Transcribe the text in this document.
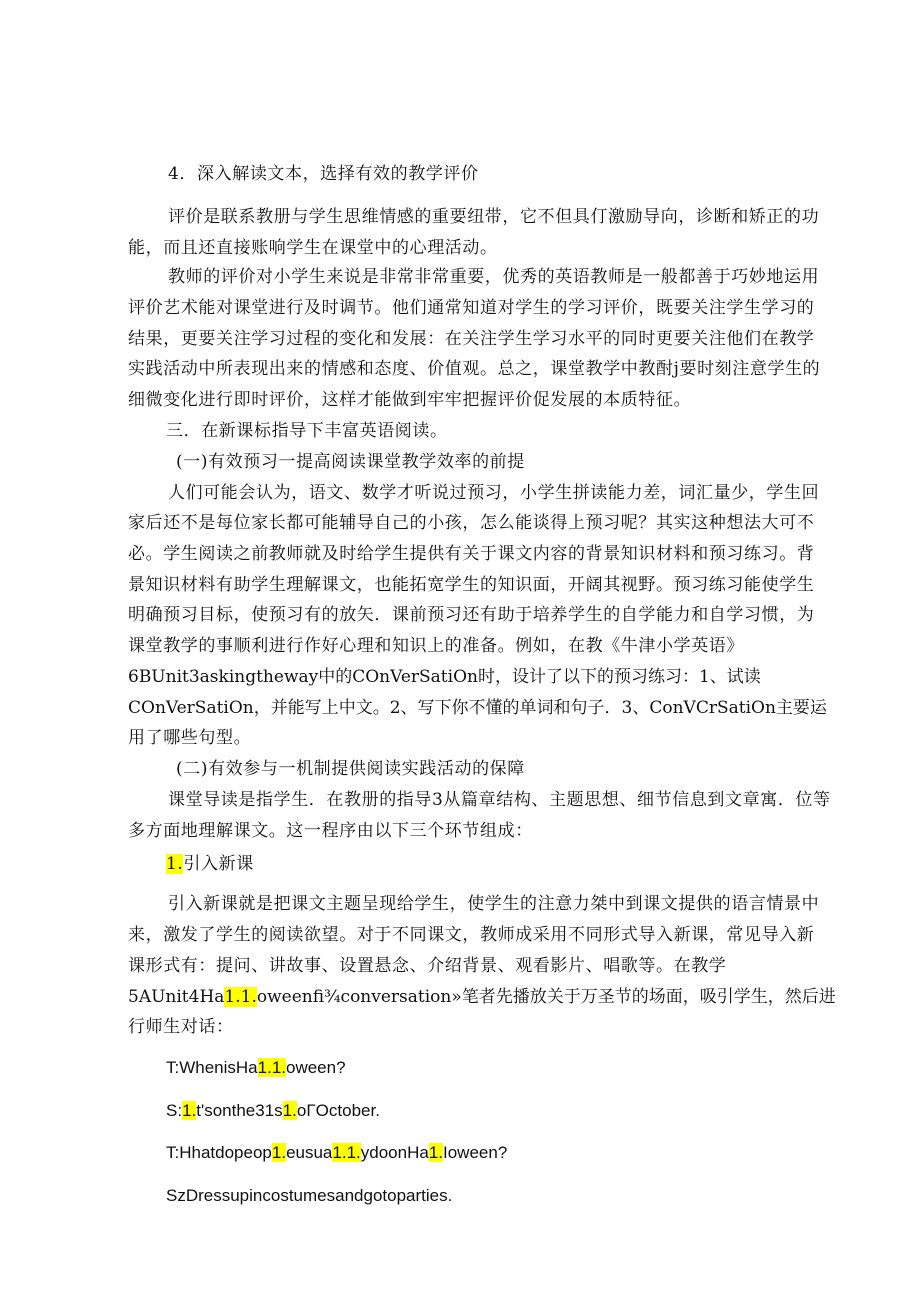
4．深入解读文本，选择有效的教学评价
评价是联系教册与学生思维情感的重要纽带，它不但具仃激励导向，诊断和矫正的功
能，而且还直接账响学生在课堂中的心理活动。
教师的评价对小学生来说是非常非常重要，优秀的英语教师是一般都善于巧妙地运用
评价艺术能对课堂进行及时调节。他们通常知道对学生的学习评价，既要关注学生学习的
结果，更要关注学习过程的变化和发展：在关注学生学习水平的同时更要关注他们在教学
实践活动中所表现出来的情感和态度、价值观。总之，课堂教学中教酎j要时刻注意学生的
细微变化进行即时评价，这样才能做到牢牢把握评价促发展的本质特征。
三．在新课标指导下丰富英语阅读。
(一)有效预习一提高阅读课堂教学效率的前提
人们可能会认为，语文、数学才听说过预习，小学生拼读能力差，词汇量少，学生回
家后还不是每位家长都可能辅导自己的小孩，怎么能谈得上预习呢？其实这种想法大可不
必。学生阅读之前教师就及时给学生提供有关于课文内容的背景知识材料和预习练习。背
景知识材料有助学生理解课文，也能拓宽学生的知识面，开阔其视野。预习练习能使学生
明确预习目标，使预习有的放矢．课前预习还有助于培养学生的自学能力和自学习惯，为
课堂教学的事顺利进行作好心理和知识上的准备。例如，在教《牛津小学英语》
6BUnit3askingtheway中的COnVerSatiOn时，设计了以下的预习练习：1、试读
COnVerSatiOn，并能写上中文。2、写下你不懂的单词和句子．3、ConVCrSatiOn主要运
用了哪些句型。
(二)有效参与一机制提供阅读实践活动的保障
课堂导读是指学生．在教册的指导3从篇章结构、主题思想、细节信息到文章寓．位等
多方面地理解课文。这一程序由以下三个环节组成：
1.引入新课
引入新课就是把课文主题呈现给学生，使学生的注意力桀中到课文提供的语言情景中
来，激发了学生的阅读欲望。对于不同课文，教师成采用不同形式导入新课，常见导入新
课形式有：提问、讲故事、设置悬念、介绍背景、观看影片、唱歌等。在教学
5AUnit4Ha1.1.oweenfi¾conversation»笔者先播放关于万圣节的场面，吸引学生，然后进
行师生对话：
T:WhenisHa1.1.oween?
S:1.t'sonthe31s1.oΓOctober.
T:Hhatdopeop1.eusua1.1.ydoonHa1.Ioween?
SzDressupincostumesandgotoparties.
